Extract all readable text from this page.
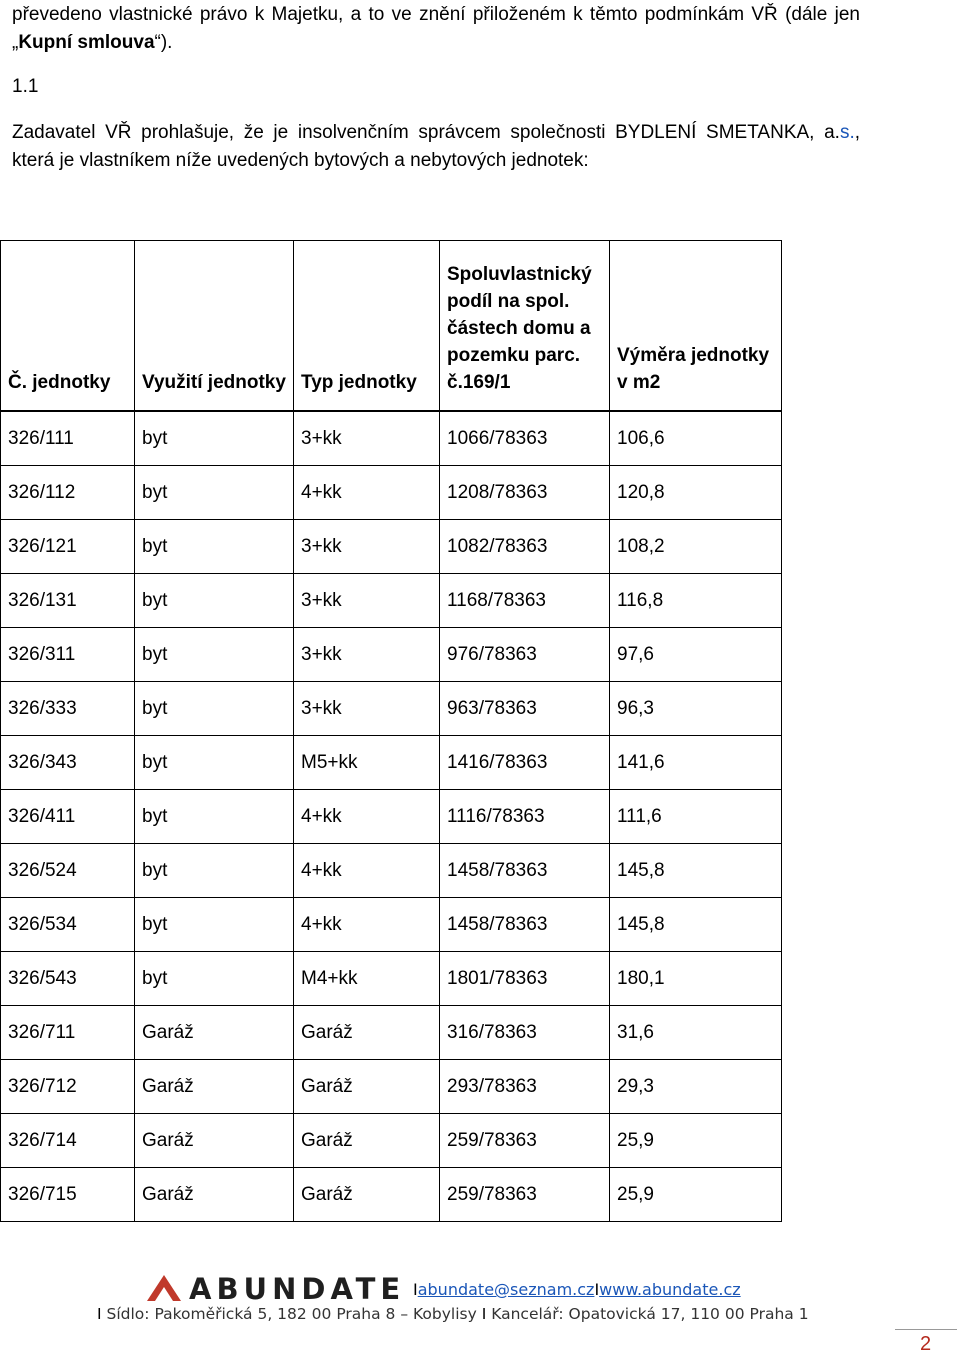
převedeno vlastnické právo k Majetku, a to ve znění přiloženém k těmto podmínkám VŘ (dále jen „Kupní smlouva“).

1.1

Zadavatel VŘ prohlašuje, že je insolvenčním správcem společnosti BYDLENÍ SMETANKA, a.s., která je vlastníkem níže uvedených bytových a nebytových jednotek:

Č. jednotky	Využití jednotky	Typ jednotky	Spoluvlastnický podíl na spol. částech domu a pozemku parc. č.169/1	Výměra jednotky v m2
326/111	byt	3+kk	1066/78363	106,6
326/112	byt	4+kk	1208/78363	120,8
326/121	byt	3+kk	1082/78363	108,2
326/131	byt	3+kk	1168/78363	116,8
326/311	byt	3+kk	976/78363	97,6
326/333	byt	3+kk	963/78363	96,3
326/343	byt	M5+kk	1416/78363	141,6
326/411	byt	4+kk	1116/78363	111,6
326/524	byt	4+kk	1458/78363	145,8
326/534	byt	4+kk	1458/78363	145,8
326/543	byt	M4+kk	1801/78363	180,1
326/711	Garáž	Garáž	316/78363	31,6
326/712	Garáž	Garáž	293/78363	29,3
326/714	Garáž	Garáž	259/78363	25,9
326/715	Garáž	Garáž	259/78363	25,9
ABUNDATE Iabundate@seznam.czIwww.abundate.cz
I Sídlo: Pakoměřická 5, 182 00 Praha 8 – Kobylisy I Kancelář: Opatovická 17, 110 00 Praha 1
2
